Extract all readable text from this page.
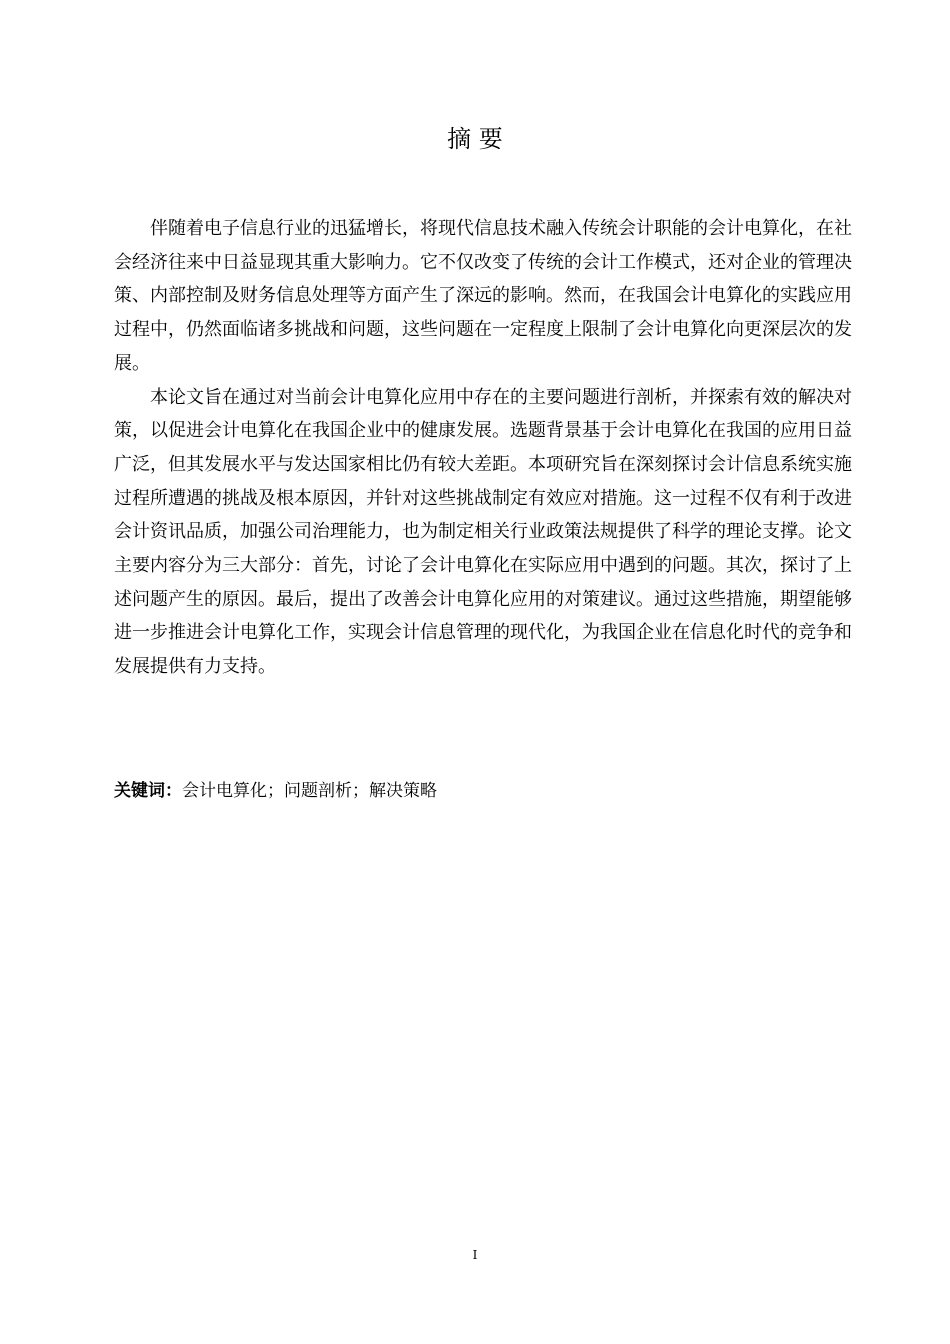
摘 要

伴随着电子信息行业的迅猛增长，将现代信息技术融入传统会计职能的会计电算化，在社会经济往来中日益显现其重大影响力。它不仅改变了传统的会计工作模式，还对企业的管理决策、内部控制及财务信息处理等方面产生了深远的影响。然而，在我国会计电算化的实践应用过程中，仍然面临诸多挑战和问题，这些问题在一定程度上限制了会计电算化向更深层次的发展。

本论文旨在通过对当前会计电算化应用中存在的主要问题进行剖析，并探索有效的解决对策，以促进会计电算化在我国企业中的健康发展。选题背景基于会计电算化在我国的应用日益广泛，但其发展水平与发达国家相比仍有较大差距。本项研究旨在深刻探讨会计信息系统实施过程所遭遇的挑战及根本原因，并针对这些挑战制定有效应对措施。这一过程不仅有利于改进会计资讯品质，加强公司治理能力，也为制定相关行业政策法规提供了科学的理论支撑。论文主要内容分为三大部分：首先，讨论了会计电算化在实际应用中遇到的问题。其次，探讨了上述问题产生的原因。最后，提出了改善会计电算化应用的对策建议。通过这些措施，期望能够进一步推进会计电算化工作，实现会计信息管理的现代化，为我国企业在信息化时代的竞争和发展提供有力支持。

关键词：会计电算化；问题剖析；解决策略
I
